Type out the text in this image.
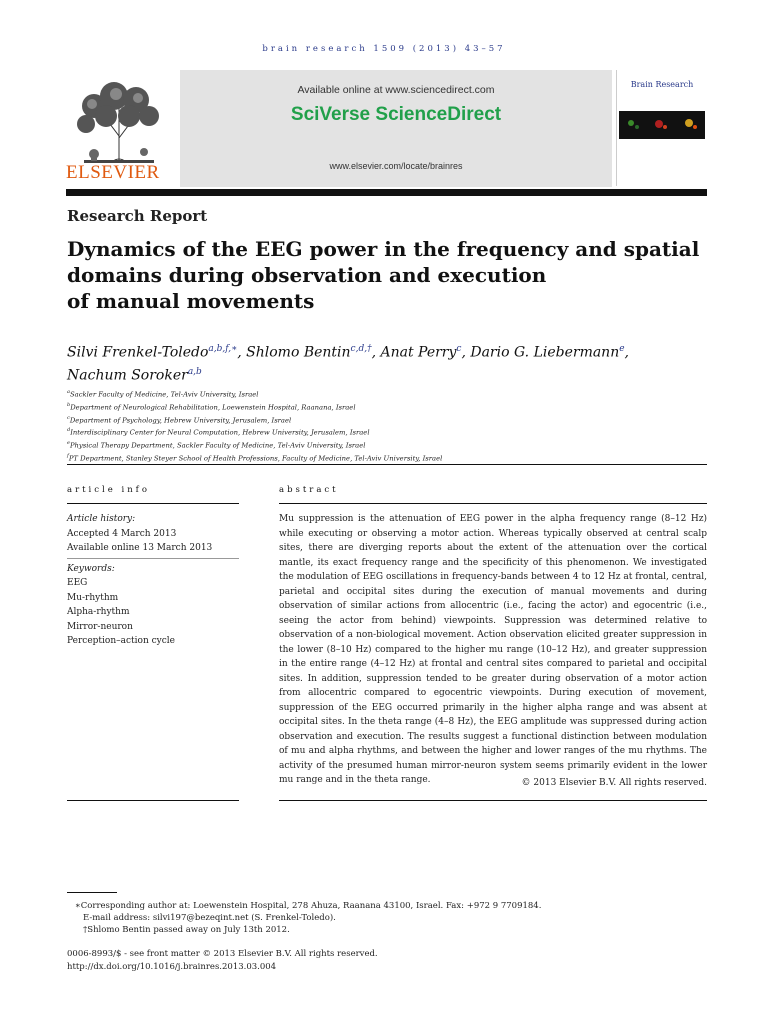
brain research 1509 (2013) 43–57
ELSEVIER
Available online at www.sciencedirect.com
SciVerse ScienceDirect
www.elsevier.com/locate/brainres
Brain Research
Research Report
Dynamics of the EEG power in the frequency and spatial
domains during observation and execution
of manual movements
Silvi Frenkel-Toledo$^{a,b,f,∗}$, Shlomo Bentin$^{c,d,\dagger}$, Anat Perry$^c$, Dario G. Liebermann$^e$,
Nachum Soroker$^{a,b}$
$^a$Sackler Faculty of Medicine, Tel-Aviv University, Israel
$^b$Department of Neurological Rehabilitation, Loewenstein Hospital, Raanana, Israel
$^c$Department of Psychology, Hebrew University, Jerusalem, Israel
$^d$Interdisciplinary Center for Neural Computation, Hebrew University, Jerusalem, Israel
$^e$Physical Therapy Department, Sackler Faculty of Medicine, Tel-Aviv University, Israel
$^f$PT Department, Stanley Steyer School of Health Professions, Faculty of Medicine, Tel-Aviv University, Israel
article info
Article history:
Accepted 4 March 2013
Available online 13 March 2013
Keywords:
EEG
Mu-rhythm
Alpha-rhythm
Mirror-neuron
Perception–action cycle
abstract
Mu suppression is the attenuation of EEG power in the alpha frequency range (8–12 Hz) while executing or observing a motor action. Whereas typically observed at central scalp sites, there are diverging reports about the extent of the attenuation over the cortical mantle, its exact frequency range and the specificity of this phenomenon. We investigated the modulation of EEG oscillations in frequency-bands between 4 to 12 Hz at frontal, central, parietal and occipital sites during the execution of manual movements and during observation of similar actions from allocentric (i.e., facing the actor) and egocentric (i.e., seeing the actor from behind) viewpoints. Suppression was determined relative to observation of a non-biological movement. Action observation elicited greater suppression in the lower (8–10 Hz) compared to the higher mu range (10–12 Hz), and greater suppression in the entire range (4–12 Hz) at frontal and central sites compared to parietal and occipital sites. In addition, suppression tended to be greater during observation of a motor action from allocentric compared to egocentric viewpoints. During execution of movement, suppression of the EEG occurred primarily in the higher alpha range and was absent at occipital sites. In the theta range (4–8 Hz), the EEG amplitude was suppressed during action observation and execution. The results suggest a functional distinction between modulation of mu and alpha rhythms, and between the higher and lower ranges of the mu rhythms. The activity of the presumed human mirror-neuron system seems primarily evident in the lower mu range and in the theta range.	© 2013 Elsevier B.V. All rights reserved.
∗Corresponding author at: Loewenstein Hospital, 278 Ahuza, Raanana 43100, Israel. Fax: +972 9 7709184.
E-mail address: silvi197@bezeqint.net (S. Frenkel-Toledo).
†Shlomo Bentin passed away on July 13th 2012.
0006-8993/$ - see front matter © 2013 Elsevier B.V. All rights reserved.
http://dx.doi.org/10.1016/j.brainres.2013.03.004
